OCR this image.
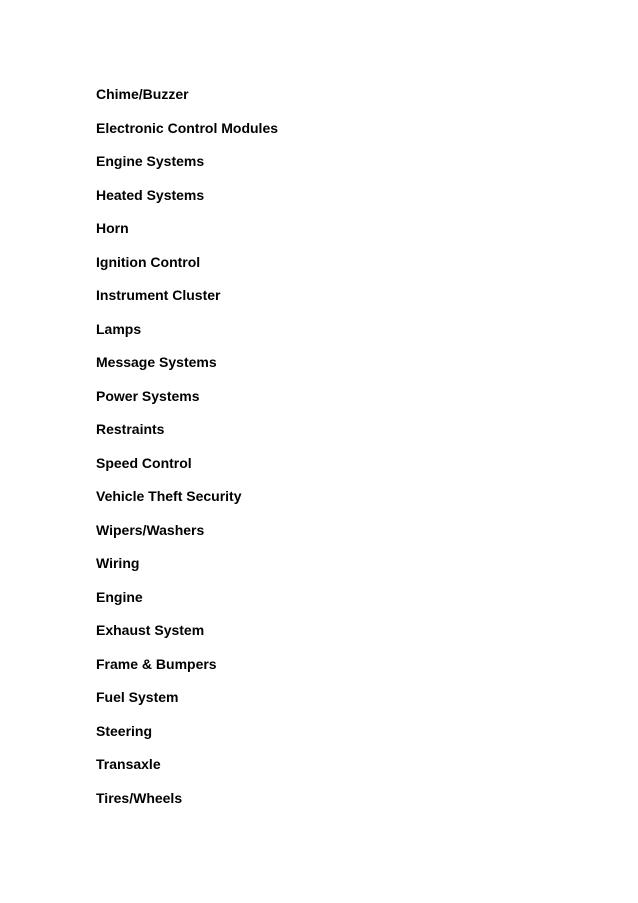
Chime/Buzzer
Electronic Control Modules
Engine Systems
Heated Systems
Horn
Ignition Control
Instrument Cluster
Lamps
Message Systems
Power Systems
Restraints
Speed Control
Vehicle Theft Security
Wipers/Washers
Wiring
Engine
Exhaust System
Frame & Bumpers
Fuel System
Steering
Transaxle
Tires/Wheels
